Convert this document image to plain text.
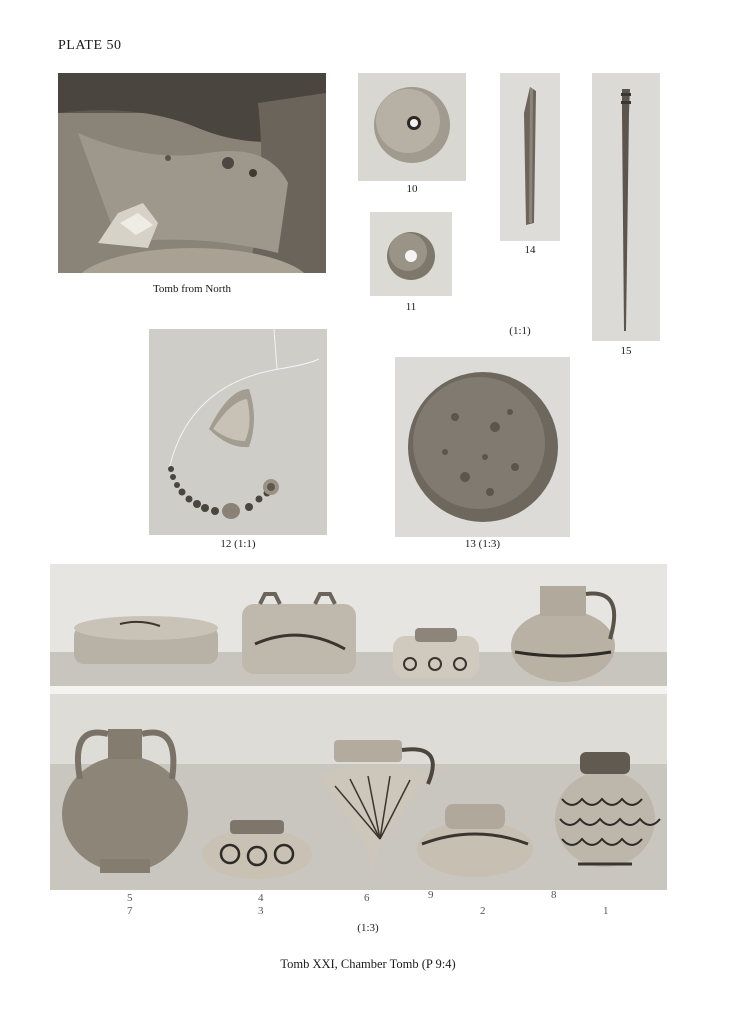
PLATE 50
Tomb from North
10
11
14
15
(1:1)
12 (1:1)	13 (1:3)
5	4	6	9	8
7	3	2	1
(1:3)
Tomb XXI, Chamber Tomb (P 9:4)
